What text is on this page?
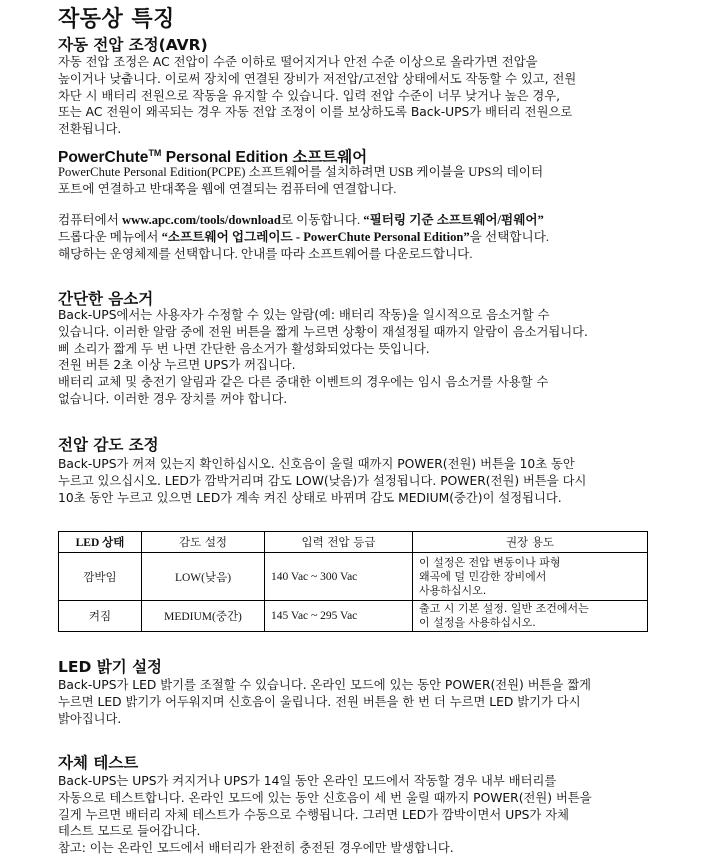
작동상 특징
자동 전압 조정(AVR)
자동 전압 조정은 AC 전압이 수준 이하로 떨어지거나 안전 수준 이상으로 올라가면 전압을
높이거나 낮춥니다. 이로써 장치에 연결된 장비가 저전압/고전압 상태에서도 작동할 수 있고, 전원
차단 시 배터리 전원으로 작동을 유지할 수 있습니다. 입력 전압 수준이 너무 낮거나 높은 경우,
또는 AC 전원이 왜곡되는 경우 자동 전압 조정이 이를 보상하도록 Back-UPS가 배터리 전원으로
전환됩니다.
PowerChute™ Personal Edition 소프트웨어
PowerChute Personal Edition(PCPE) 소프트웨어를 설치하려면 USB 케이블을 UPS의 데이터
포트에 연결하고 반대쪽을 웹에 연결되는 컴퓨터에 연결합니다.
컴퓨터에서 www.apc.com/tools/download로 이동합니다. “필터링 기준 소프트웨어/펌웨어”
드롭다운 메뉴에서 “소프트웨어 업그레이드 - PowerChute Personal Edition”을 선택합니다.
해당하는 운영체제를 선택합니다. 안내를 따라 소프트웨어를 다운로드합니다.
간단한 음소거
Back-UPS에서는 사용자가 수정할 수 있는 알람(예: 배터리 작동)을 일시적으로 음소거할 수
있습니다. 이러한 알람 중에 전원 버튼을 짧게 누르면 상황이 재설정될 때까지 알람이 음소거됩니다.
삐 소리가 짧게 두 번 나면 간단한 음소거가 활성화되었다는 뜻입니다.
전원 버튼 2초 이상 누르면 UPS가 꺼집니다.
배터리 교체 및 충전기 알림과 같은 다른 중대한 이벤트의 경우에는 임시 음소거를 사용할 수
없습니다. 이러한 경우 장치를 꺼야 합니다.
전압 감도 조정
Back-UPS가 꺼져 있는지 확인하십시오. 신호음이 울릴 때까지 POWER(전원) 버튼을 10초 동안
누르고 있으십시오. LED가 깜박거리며 감도 LOW(낮음)가 설정됩니다. POWER(전원) 버튼을 다시
10초 동안 누르고 있으면 LED가 계속 켜진 상태로 바뀌며 감도 MEDIUM(중간)이 설정됩니다.
LED 상태	감도 설정	입력 전압 등급	권장 용도
깜박임	LOW(낮음)	140 Vac ~ 300 Vac	이 설정은 전압 변동이나 파형
왜곡에 덜 민감한 장비에서
사용하십시오.

켜짐	MEDIUM(중간)	145 Vac ~ 295 Vac	출고 시 기본 설정. 일반 조건에서는
이 설정을 사용하십시오.
LED 밝기 설정
Back-UPS가 LED 밝기를 조절할 수 있습니다. 온라인 모드에 있는 동안 POWER(전원) 버튼을 짧게
누르면 LED 밝기가 어두워지며 신호음이 울립니다. 전원 버튼을 한 번 더 누르면 LED 밝기가 다시
밝아집니다.
자체 테스트
Back-UPS는 UPS가 켜지거나 UPS가 14일 동안 온라인 모드에서 작동할 경우 내부 배터리를
자동으로 테스트합니다. 온라인 모드에 있는 동안 신호음이 세 번 울릴 때까지 POWER(전원) 버튼을
길게 누르면 배터리 자체 테스트가 수동으로 수행됩니다. 그러면 LED가 깜박이면서 UPS가 자체
테스트 모드로 들어갑니다.
참고: 이는 온라인 모드에서 배터리가 완전히 충전된 경우에만 발생합니다.
